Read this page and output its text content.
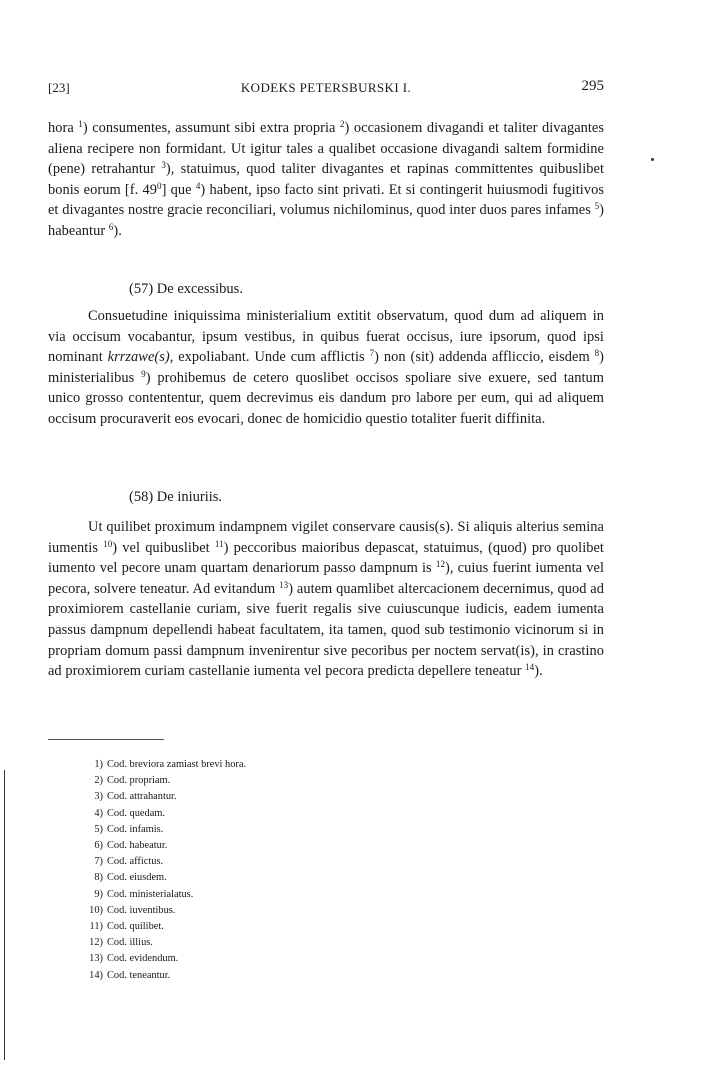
[23]	KODEKS PETERSBURSKI I.	295
hora $^1$) consumentes, assumunt sibi extra propria $^2$) occasionem divagandi et taliter divagantes aliena recipere non formidant. Ut igitur tales a qualibet occasione divagandi saltem formidine (pene) retrahantur $^3$), statuimus, quod taliter divagantes et rapinas committentes quibuslibet bonis eorum [f. $49^0$] que $^4$) habent, ipso facto sint privati. Et si contingerit huiusmodi fugitivos et divagantes nostre gracie reconciliari, volumus nichilominus, quod inter duos pares infames $^5$) habeantur $^6$).
(57) De excessibus.
Consuetudine iniquissima ministerialium extitit observatum, quod dum ad aliquem in via occisum vocabantur, ipsum vestibus, in quibus fuerat occisus, iure ipsorum, quod ipsi nominant krrzawe(s), expoliabant. Unde cum afflictis $^7$) non (sit) addenda affliccio, eisdem $^8$) ministerialibus $^9$) prohibemus de cetero quoslibet occisos spoliare sive exuere, sed tantum unico grosso contententur, quem decrevimus eis dandum pro labore per eum, qui ad aliquem occisum procuraverit eos evocari, donec de homicidio questio totaliter fuerit diffinita.
(58) De iniuriis.
Ut quilibet proximum indampnem vigilet conservare causis(s). Si aliquis alterius semina iumentis $^{10}$) vel quibuslibet $^{11}$) peccoribus maioribus depascat, statuimus, (quod) pro quolibet iumento vel pecore unam quartam denariorum passo dampnum is $^{12}$), cuius fuerint iumenta vel pecora, solvere teneatur. Ad evitandum $^{13}$) autem quamlibet altercacionem decernimus, quod ad proximiorem castellanie curiam, sive fuerit regalis sive cuiuscunque iudicis, eadem iumenta passus dampnum depellendi habeat facultatem, ita tamen, quod sub testimonio vicinorum si in propriam domum passi dampnum invenirentur sive pecoribus per noctem servat(is), in crastino ad proximiorem curiam castellanie iumenta vel pecora predicta depellere teneatur $^{14}$).
1) Cod. breviora zamiast brevi hora.
2) Cod. propriam.
3) Cod. attrahantur.
4) Cod. quedam.
5) Cod. infamis.
6) Cod. habeatur.
7) Cod. affictus.
8) Cod. eiusdem.
9) Cod. ministerialatus.
10) Cod. iuventibus.
11) Cod. quilibet.
12) Cod. illius.
13) Cod. evidendum.
14) Cod. teneantur.
